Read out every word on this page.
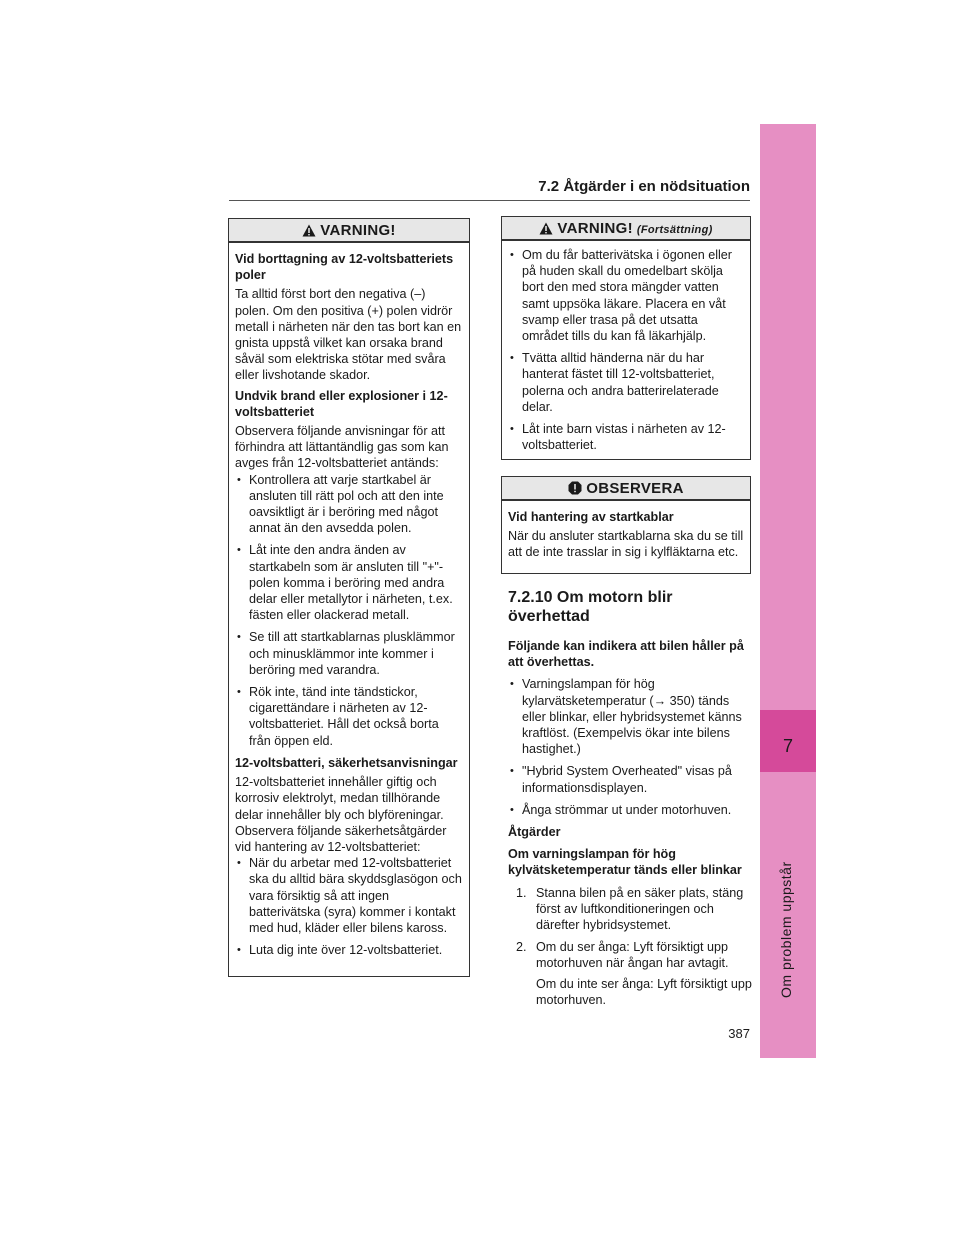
7
Om problem uppstår
7.2 Åtgärder i en nödsituation
VARNING!

Vid borttagning av 12-voltsbatteriets poler

Ta alltid först bort den negativa (–) polen. Om den positiva (+) polen vidrör metall i närheten när den tas bort kan en gnista uppstå vilket kan orsaka brand såväl som elektriska stötar med svåra eller livshotande skador.

Undvik brand eller explosioner i 12-voltsbatteriet

Observera följande anvisningar för att förhindra att lättantändlig gas som kan avges från 12-voltsbatteriet antänds:

• Kontrollera att varje startkabel är ansluten till rätt pol och att den inte oavsiktligt är i beröring med något annat än den avsedda polen.
• Låt inte den andra änden av startkabeln som är ansluten till "+"-polen komma i beröring med andra delar eller metallytor i närheten, t.ex. fästen eller olackerad metall.
• Se till att startkablarnas plusklämmor och minusklämmor inte kommer i beröring med varandra.
• Rök inte, tänd inte tändstickor, cigarettändare i närheten av 12-voltsbatteriet. Håll det också borta från öppen eld.

12-voltsbatteri, säkerhetsanvisningar

12-voltsbatteriet innehåller giftig och korrosiv elektrolyt, medan tillhörande delar innehåller bly och blyföreningar. Observera följande säkerhetsåtgärder vid hantering av 12-voltsbatteriet:

• När du arbetar med 12-voltsbatteriet ska du alltid bära skyddsglasögon och vara försiktig så att ingen batterivätska (syra) kommer i kontakt med hud, kläder eller bilens kaross.
• Luta dig inte över 12-voltsbatteriet.
VARNING! (Fortsättning)
• Om du får batterivätska i ögonen eller på huden skall du omedelbart skölja bort den med stora mängder vatten samt uppsöka läkare. Placera en våt svamp eller trasa på det utsatta området tills du kan få läkarhjälp.
• Tvätta alltid händerna när du har hanterat fästet till 12-voltsbatteriet, polerna och andra batterirelaterade delar.
• Låt inte barn vistas i närheten av 12-voltsbatteriet.
OBSERVERA

Vid hantering av startkablar

När du ansluter startkablarna ska du se till att de inte trasslar in sig i kylfläktarna etc.

7.2.10 Om motorn blir överhettad

Följande kan indikera att bilen håller på att överhettas.

• Varningslampan för hög kylarvätsketemperatur (→ 350) tänds eller blinkar, eller hybridsystemet känns kraftlöst. (Exempelvis ökar inte bilens hastighet.)
• "Hybrid System Overheated" visas på informationsdisplayen.
• Ånga strömmar ut under motorhuven.

Åtgärder

Om varningslampan för hög kylvätsketemperatur tänds eller blinkar

1. Stanna bilen på en säker plats, stäng först av luftkonditioneringen och därefter hybridsystemet.
2. Om du ser ånga: Lyft försiktigt upp motorhuven när ångan har avtagit.
Om du inte ser ånga: Lyft försiktigt upp motorhuven.
387
